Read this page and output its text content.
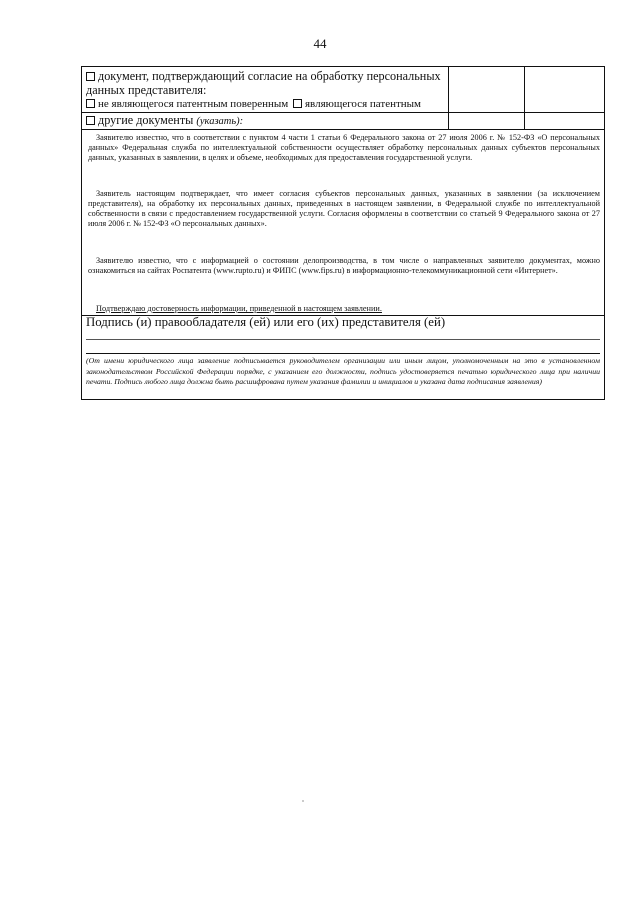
44
документ, подтверждающий согласие на обработку персональных данных представителя:
не являющегося патентным поверенным являющегося патентным
другие документы (указать):
Заявителю известно, что в соответствии с пунктом 4 части 1 статьи 6 Федерального закона от 27 июля 2006 г. № 152-ФЗ «О персональных данных» Федеральная служба по интеллектуальной собственности осуществляет обработку персональных данных субъектов персональных данных, указанных в заявлении, в целях и объеме, необходимых для предоставления государственной услуги.
Заявитель настоящим подтверждает, что имеет согласия субъектов персональных данных, указанных в заявлении (за исключением представителя), на обработку их персональных данных, приведенных в настоящем заявлении, в Федеральной службе по интеллектуальной собственности в связи с предоставлением государственной услуги. Согласия оформлены в соответствии со статьей 9 Федерального закона от 27 июля 2006 г. № 152-ФЗ «О персональных данных».
Заявителю известно, что с информацией о состоянии делопроизводства, в том числе о направленных заявителю документах, можно ознакомиться на сайтах Роспатента (www.rupto.ru) и ФИПС (www.fips.ru) в информационно-телекоммуникационной сети «Интернет».
Подтверждаю достоверность информации, приведенной в настоящем заявлении.
Подпись (и) правообладателя (ей) или его (их) представителя (ей)
(От имени юридического лица заявление подписывается руководителем организации или иным лицом, уполномоченным на это в установленном законодательством Российской Федерации порядке, с указанием его должности, подпись удостоверяется печатью юридического лица при наличии печати. Подпись любого лица должна быть расшифрована путем указания фамилии и инициалов и указана дата подписания заявления)
